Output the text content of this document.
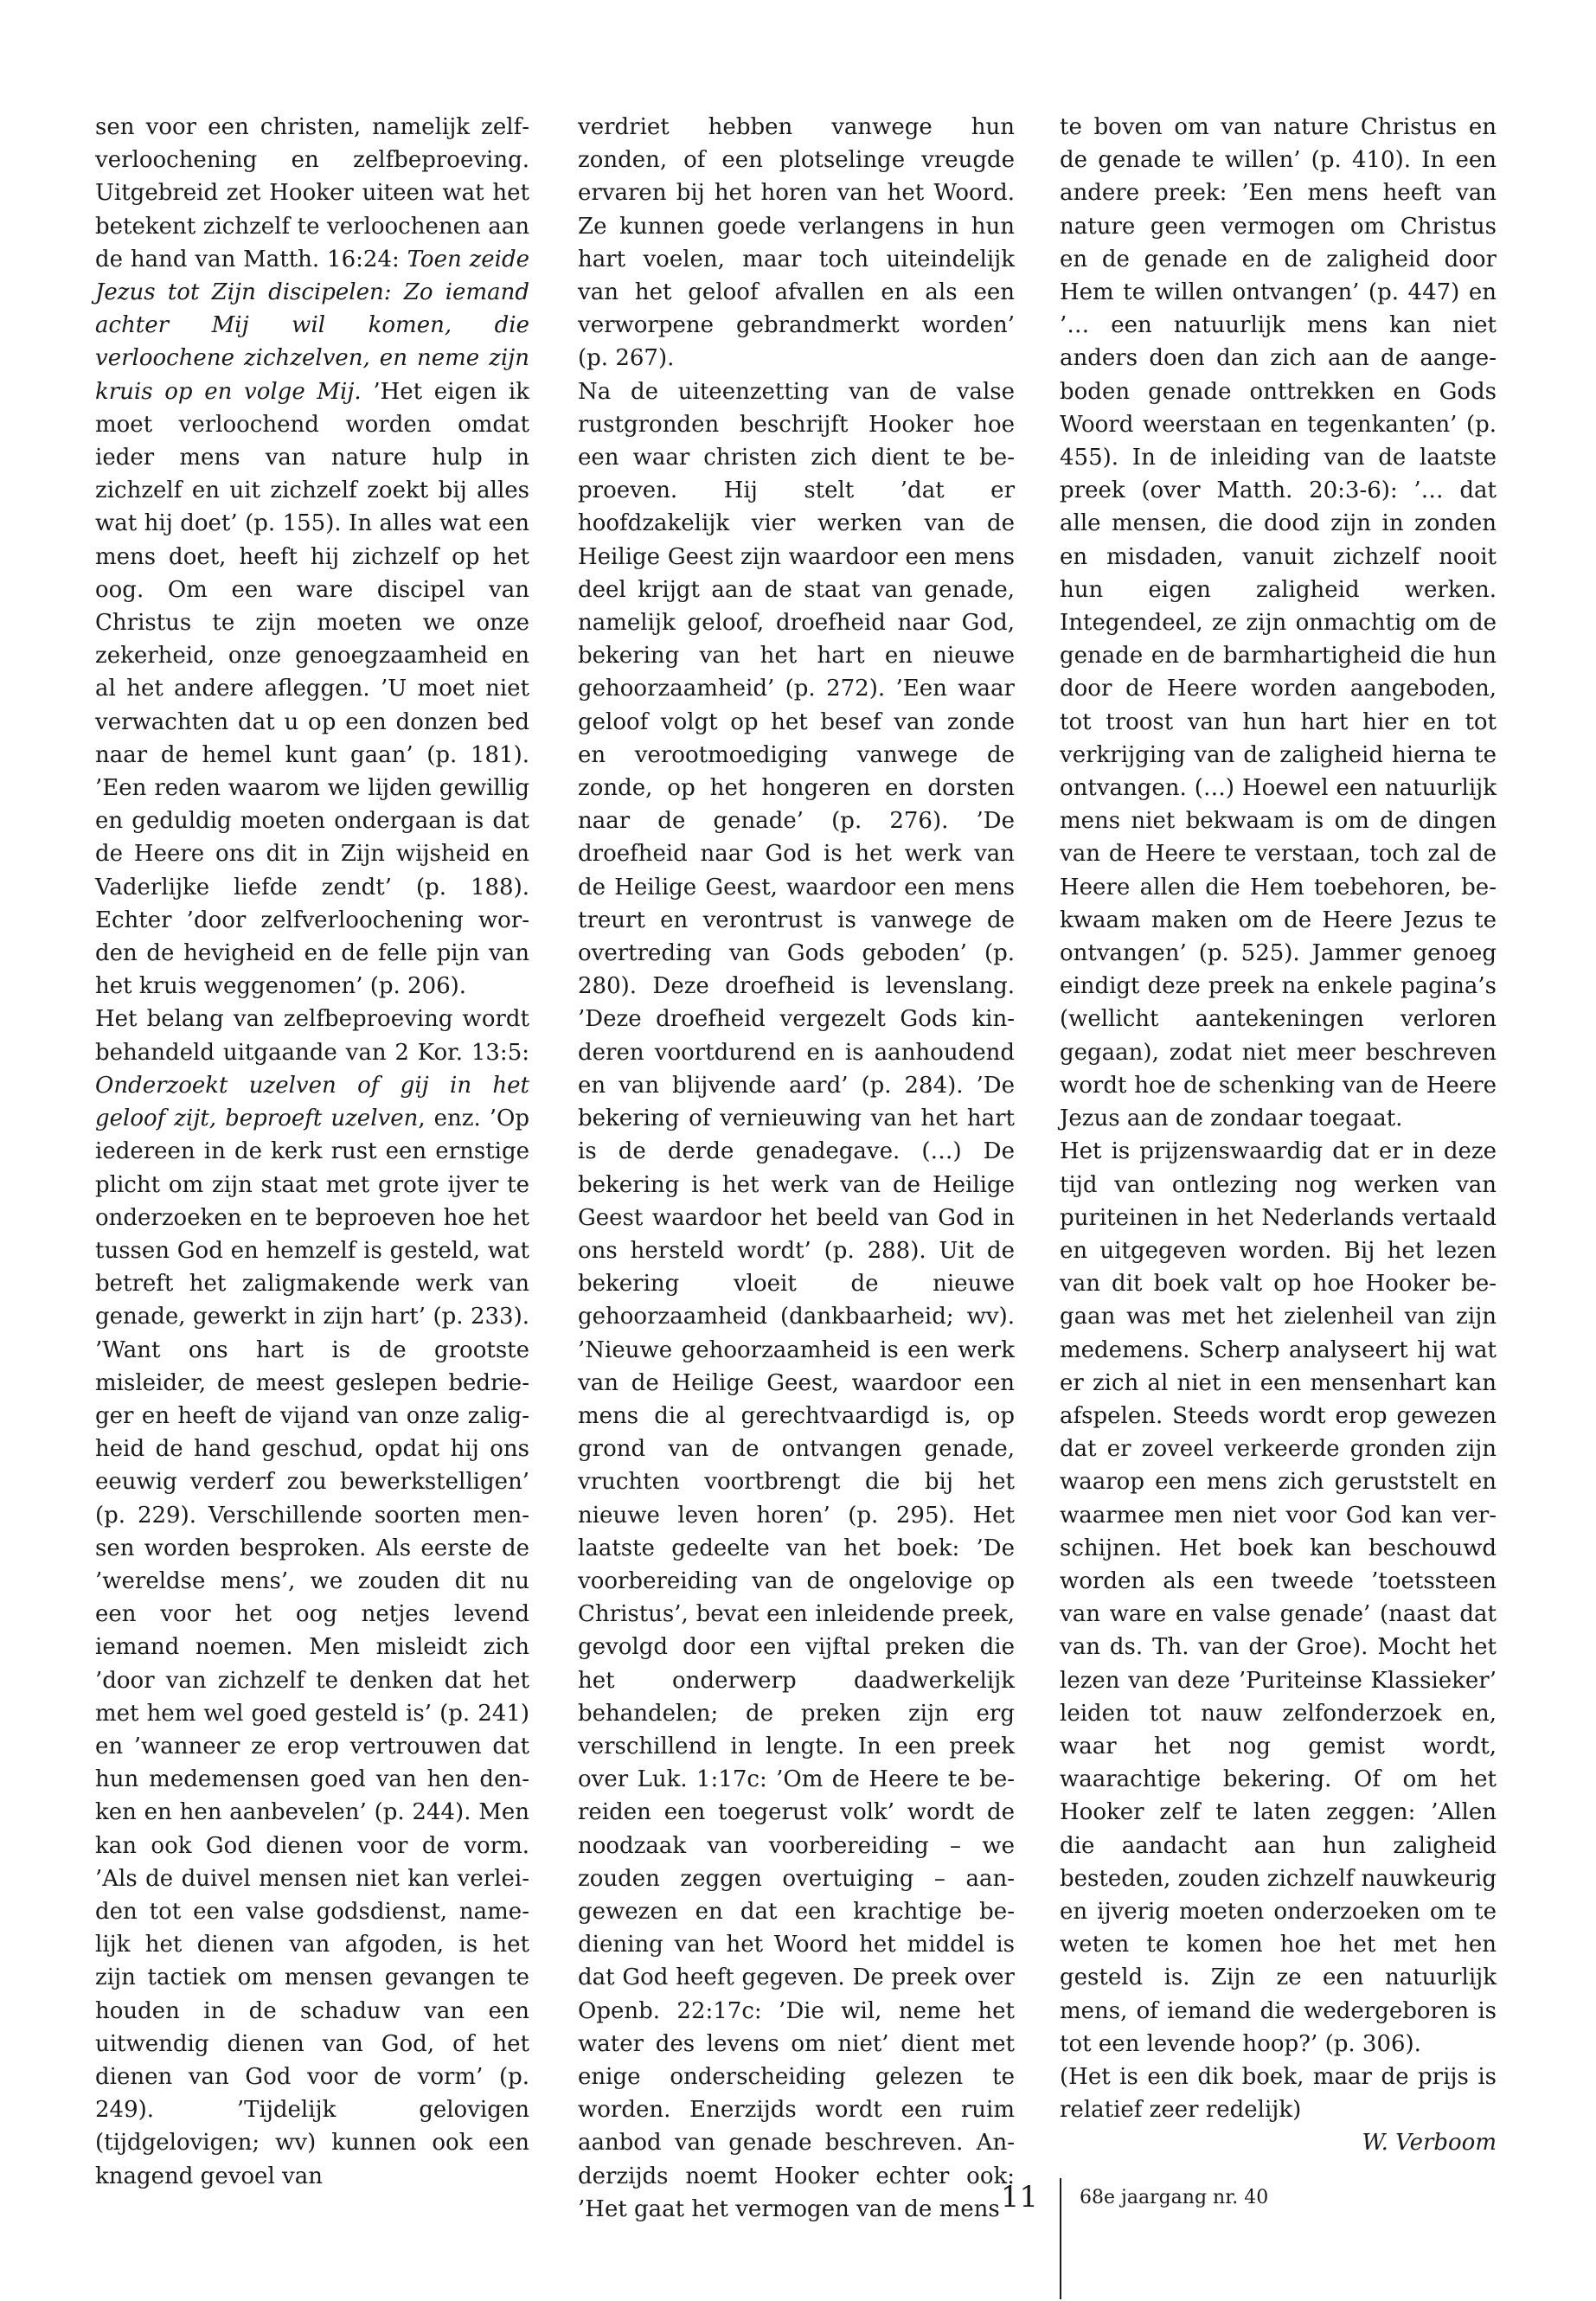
sen voor een christen, namelijk zelfverloochening en zelfbeproeving. Uitgebreid zet Hooker uiteen wat het betekent zichzelf te verloochenen aan de hand van Matth. 16:24: Toen zeide Jezus tot Zijn discipelen: Zo iemand achter Mij wil komen, die verloochene zichzelven, en neme zijn kruis op en volge Mij. ’Het eigen ik moet verloochend worden omdat ieder mens van nature hulp in zichzelf en uit zichzelf zoekt bij alles wat hij doet’ (p. 155). In alles wat een mens doet, heeft hij zichzelf op het oog. Om een ware discipel van Christus te zijn moeten we onze zekerheid, onze genoegzaamheid en al het andere afleggen. ’U moet niet verwachten dat u op een donzen bed naar de hemel kunt gaan’ (p. 181). ’Een reden waarom we lijden gewillig en geduldig moeten ondergaan is dat de Heere ons dit in Zijn wijsheid en Vaderlijke liefde zendt’ (p. 188). Echter ’door zelfverloochening worden de hevigheid en de felle pijn van het kruis weggenomen’ (p. 206).

Het belang van zelfbeproeving wordt behandeld uitgaande van 2 Kor. 13:5: Onderzoekt uzelven of gij in het geloof zijt, beproeft uzelven, enz. ’Op iedereen in de kerk rust een ernstige plicht om zijn staat met grote ijver te onderzoeken en te beproeven hoe het tussen God en hemzelf is gesteld, wat betreft het zaligmakende werk van genade, gewerkt in zijn hart’ (p. 233). ’Want ons hart is de grootste misleider, de meest geslepen bedrieger en heeft de vijand van onze zaligheid de hand geschud, opdat hij ons eeuwig verderf zou bewerkstelligen’ (p. 229). Verschillende soorten mensen worden besproken. Als eerste de ’wereldse mens’, we zouden dit nu een voor het oog netjes levend iemand noemen. Men misleidt zich ’door van zichzelf te denken dat het met hem wel goed gesteld is’ (p. 241) en ’wanneer ze erop vertrouwen dat hun medemensen goed van hen denken en hen aanbevelen’ (p. 244). Men kan ook God dienen voor de vorm. ’Als de duivel mensen niet kan verleiden tot een valse godsdienst, namelijk het dienen van afgoden, is het zijn tactiek om mensen gevangen te houden in de schaduw van een uitwendig dienen van God, of het dienen van God voor de vorm’ (p. 249). ’Tijdelijk gelovigen (tijdgelovigen; wv) kunnen ook een knagend gevoel van

verdriet hebben vanwege hun zonden, of een plotselinge vreugde ervaren bij het horen van het Woord. Ze kunnen goede verlangens in hun hart voelen, maar toch uiteindelijk van het geloof afvallen en als een verworpene gebrandmerkt worden’ (p. 267).

Na de uiteenzetting van de valse rustgronden beschrijft Hooker hoe een waar christen zich dient te beproeven. Hij stelt ’dat er hoofdzakelijk vier werken van de Heilige Geest zijn waardoor een mens deel krijgt aan de staat van genade, namelijk geloof, droefheid naar God, bekering van het hart en nieuwe gehoorzaamheid’ (p. 272). ’Een waar geloof volgt op het besef van zonde en verootmoediging vanwege de zonde, op het hongeren en dorsten naar de genade’ (p. 276). ’De droefheid naar God is het werk van de Heilige Geest, waardoor een mens treurt en verontrust is vanwege de overtreding van Gods geboden’ (p. 280). Deze droefheid is levenslang. ’Deze droefheid vergezelt Gods kinderen voortdurend en is aanhoudend en van blijvende aard’ (p. 284). ’De bekering of vernieuwing van het hart is de derde genadegave. (…) De bekering is het werk van de Heilige Geest waardoor het beeld van God in ons hersteld wordt’ (p. 288). Uit de bekering vloeit de nieuwe gehoorzaamheid (dankbaarheid; wv). ’Nieuwe gehoorzaamheid is een werk van de Heilige Geest, waardoor een mens die al gerechtvaardigd is, op grond van de ontvangen genade, vruchten voortbrengt die bij het nieuwe leven horen’ (p. 295). Het laatste gedeelte van het boek: ’De voorbereiding van de ongelovige op Christus’, bevat een inleidende preek, gevolgd door een vijftal preken die het onderwerp daadwerkelijk behandelen; de preken zijn erg verschillend in lengte. In een preek over Luk. 1:17c: ’Om de Heere te bereiden een toegerust volk’ wordt de noodzaak van voorbereiding – we zouden zeggen overtuiging – aangewezen en dat een krachtige bediening van het Woord het middel is dat God heeft gegeven. De preek over Openb. 22:17c: ’Die wil, neme het water des levens om niet’ dient met enige onderscheiding gelezen te worden. Enerzijds wordt een ruim aanbod van genade beschreven. Anderzijds noemt Hooker echter ook: ’Het gaat het vermogen van de mens

te boven om van nature Christus en de genade te willen’ (p. 410). In een andere preek: ’Een mens heeft van nature geen vermogen om Christus en de genade en de zaligheid door Hem te willen ontvangen’ (p. 447) en ’… een natuurlijk mens kan niet anders doen dan zich aan de aangeboden genade onttrekken en Gods Woord weerstaan en tegenkanten’ (p. 455). In de inleiding van de laatste preek (over Matth. 20:3-6): ’… dat alle mensen, die dood zijn in zonden en misdaden, vanuit zichzelf nooit hun eigen zaligheid werken. Integendeel, ze zijn onmachtig om de genade en de barmhartigheid die hun door de Heere worden aangeboden, tot troost van hun hart hier en tot verkrijging van de zaligheid hierna te ontvangen. (…) Hoewel een natuurlijk mens niet bekwaam is om de dingen van de Heere te verstaan, toch zal de Heere allen die Hem toebehoren, bekwaam maken om de Heere Jezus te ontvangen’ (p. 525). Jammer genoeg eindigt deze preek na enkele pagina’s (wellicht aantekeningen verloren gegaan), zodat niet meer beschreven wordt hoe de schenking van de Heere Jezus aan de zondaar toegaat.

Het is prijzenswaardig dat er in deze tijd van ontlezing nog werken van puriteinen in het Nederlands vertaald en uitgegeven worden. Bij het lezen van dit boek valt op hoe Hooker begaan was met het zielenheil van zijn medemens. Scherp analyseert hij wat er zich al niet in een mensenhart kan afspelen. Steeds wordt erop gewezen dat er zoveel verkeerde gronden zijn waarop een mens zich geruststelt en waarmee men niet voor God kan verschijnen. Het boek kan beschouwd worden als een tweede ’toetssteen van ware en valse genade’ (naast dat van ds. Th. van der Groe). Mocht het lezen van deze ’Puriteinse Klassieker’ leiden tot nauw zelfonderzoek en, waar het nog gemist wordt, waarachtige bekering. Of om het Hooker zelf te laten zeggen: ’Allen die aandacht aan hun zaligheid besteden, zouden zichzelf nauwkeurig en ijverig moeten onderzoeken om te weten te komen hoe het met hen gesteld is. Zijn ze een natuurlijk mens, of iemand die wedergeboren is tot een levende hoop?’ (p. 306).

(Het is een dik boek, maar de prijs is relatief zeer redelijk)

W. Verboom

11 68e jaargang nr. 40
